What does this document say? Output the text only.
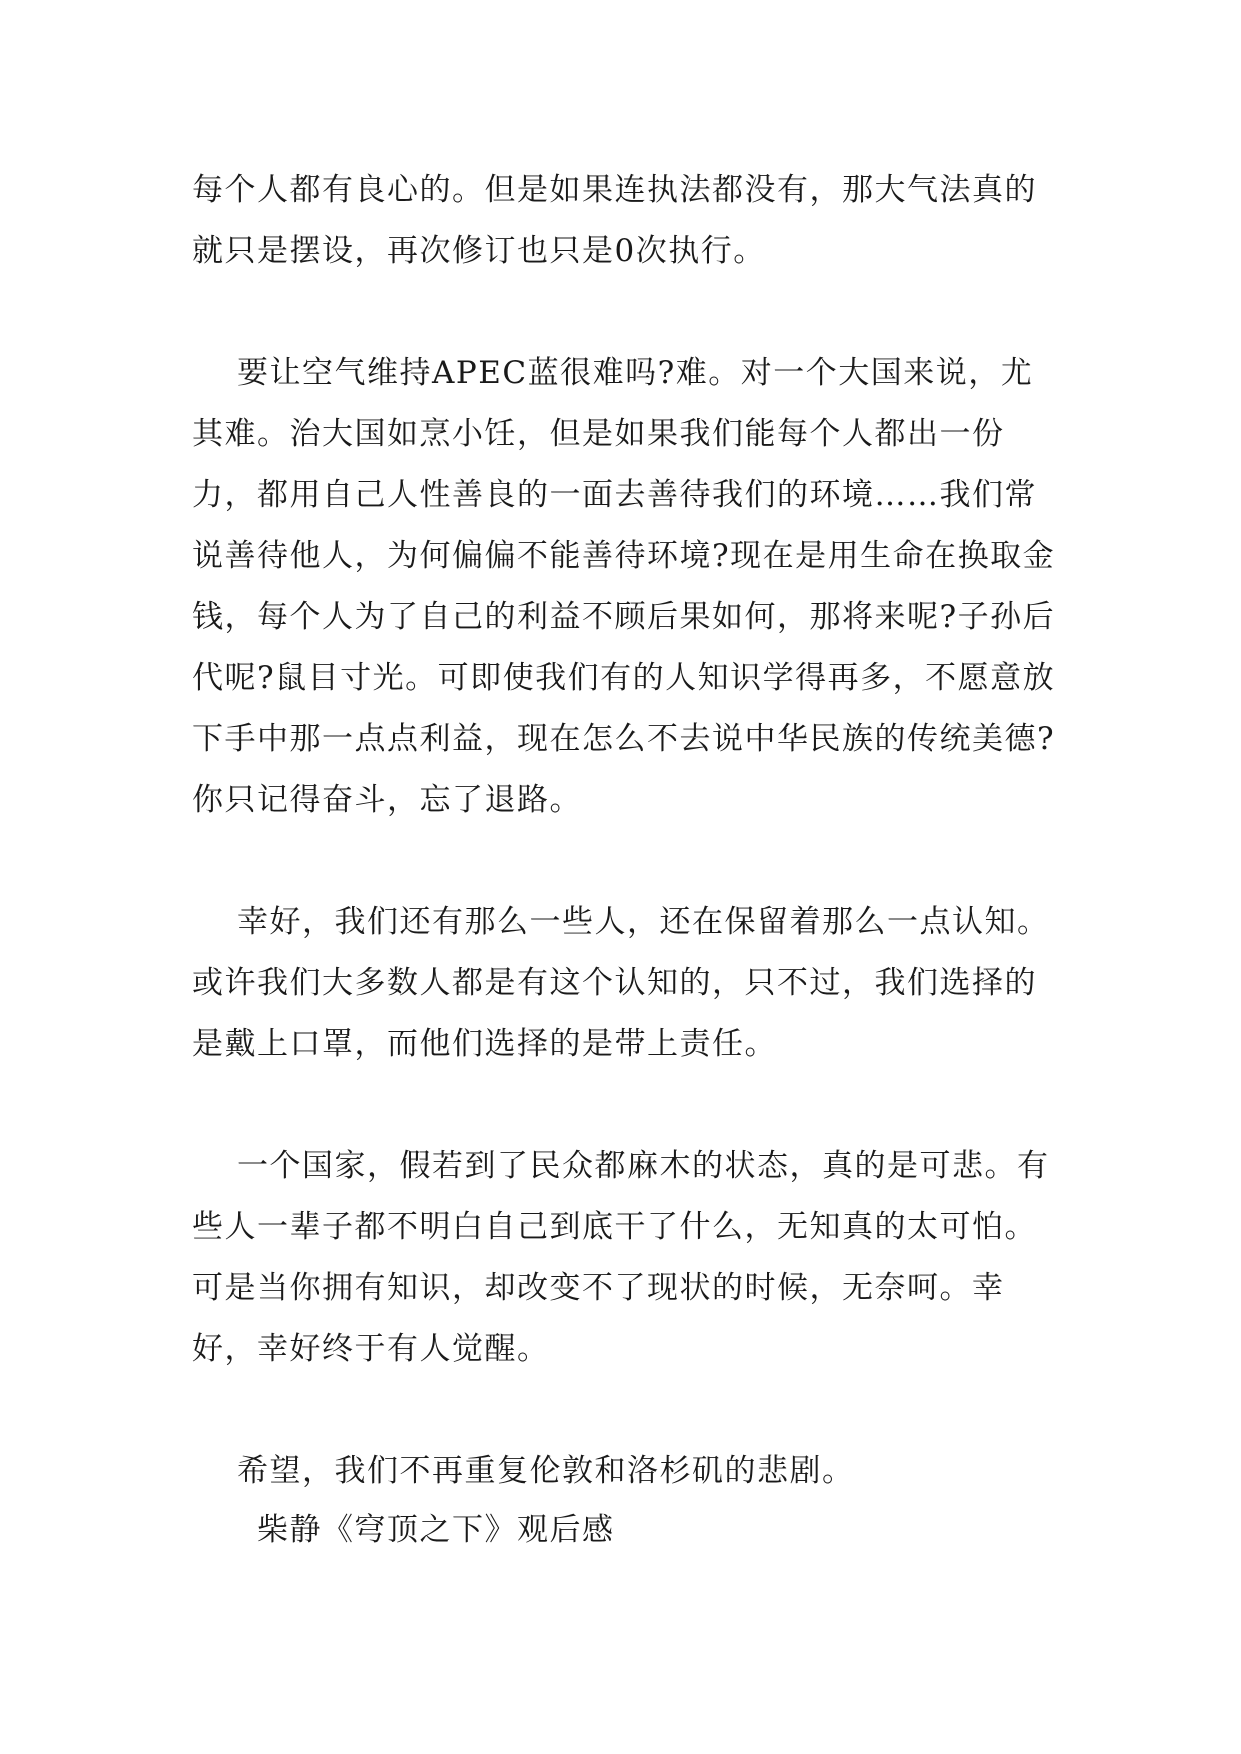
每个人都有良心的。但是如果连执法都没有，那大气法真的就只是摆设，再次修订也只是0次执行。

要让空气维持APEC蓝很难吗?难。对一个大国来说，尤其难。治大国如烹小饪，但是如果我们能每个人都出一份力，都用自己人性善良的一面去善待我们的环境……我们常说善待他人，为何偏偏不能善待环境?现在是用生命在换取金钱，每个人为了自己的利益不顾后果如何，那将来呢?子孙后代呢?鼠目寸光。可即使我们有的人知识学得再多，不愿意放下手中那一点点利益，现在怎么不去说中华民族的传统美德?你只记得奋斗，忘了退路。

幸好，我们还有那么一些人，还在保留着那么一点认知。或许我们大多数人都是有这个认知的，只不过，我们选择的是戴上口罩，而他们选择的是带上责任。

一个国家，假若到了民众都麻木的状态，真的是可悲。有些人一辈子都不明白自己到底干了什么，无知真的太可怕。可是当你拥有知识，却改变不了现状的时候，无奈呵。幸好，幸好终于有人觉醒。

希望，我们不再重复伦敦和洛杉矶的悲剧。

柴静《穹顶之下》观后感
